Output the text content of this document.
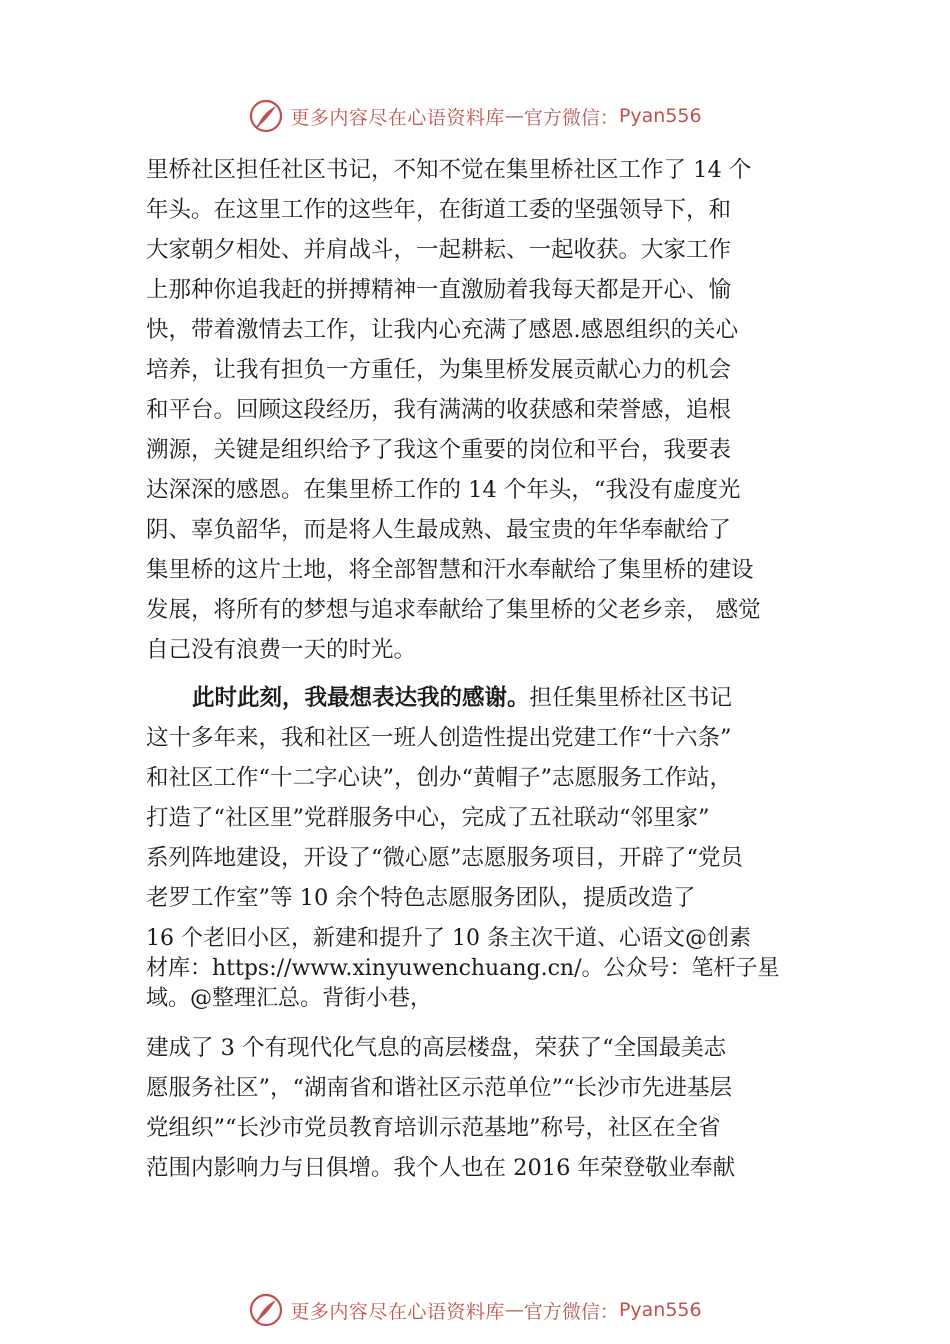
更多内容尽在心语资料库 — 官方微信： Pyan556
里桥社区担任社区书记，不知不觉在集里桥社区工作了 14 个
年头。在这里工作的这些年，在街道工委的坚强领导下，和
大家朝夕相处、并肩战斗，一起耕耘、一起收获。大家工作
上那种你追我赶的拼搏精神一直激励着我每天都是开心、愉
快，带着激情去工作，让我内心充满了感恩.感恩组织的关心
培养，让我有担负一方重任，为集里桥发展贡献心力的机会
和平台。回顾这段经历，我有满满的收获感和荣誉感，追根
溯源，关键是组织给予了我这个重要的岗位和平台，我要表
达深深的感恩。在集里桥工作的 14 个年头，“我没有虚度光
阴、辜负韶华，而是将人生最成熟、最宝贵的年华奉献给了
集里桥的这片土地，将全部智慧和汗水奉献给了集里桥的建设
发展，将所有的梦想与追求奉献给了集里桥的父老乡亲， 感觉
自己没有浪费一天的时光。
此时此刻，我最想表达我的感谢。担任集里桥社区书记
这十多年来，我和社区一班人创造性提出党建工作“十六条”
和社区工作“十二字心诀”，创办“黄帽子”志愿服务工作站，
打造了“社区里”党群服务中心，完成了五社联动“邻里家”
系列阵地建设，开设了“微心愿”志愿服务项目，开辟了“党员
老罗工作室”等 10 余个特色志愿服务团队，提质改造了
16 个老旧小区，新建和提升了 10 条主次干道、心语文@创素
材库：https://www.xinyuwenchuang.cn/。公众号：笔杆子星
域。@整理汇总。背街小巷，
建成了 3 个有现代化气息的高层楼盘，荣获了“全国最美志
愿服务社区”，“湖南省和谐社区示范单位”“长沙市先进基层
党组织”“长沙市党员教育培训示范基地”称号，社区在全省
范围内影响力与日俱增。我个人也在 2016 年荣登敬业奉献
更多内容尽在心语资料库 — 官方微信： Pyan556
